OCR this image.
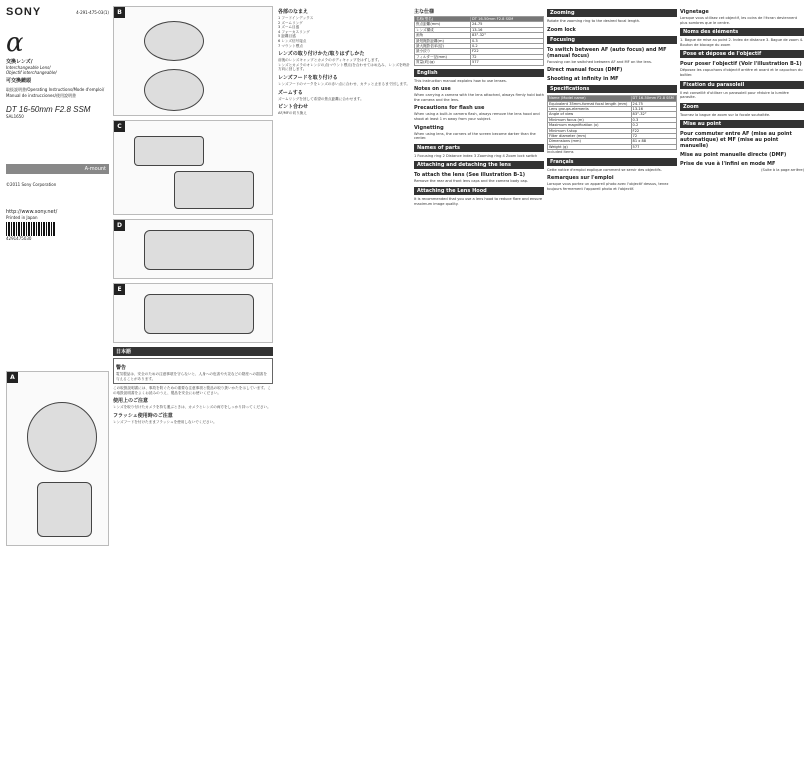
SONY	4-291-475-03(1)
α
交換レンズ/
Interchangeable Lens/
Objectif interchangeable/
可交換鏡頭
取扱説明書/Operating Instructions/Mode d'emploi/
Manual de instrucciones/使用說明書
DT 16-50mm F2.8 SSM
SAL1650
A-mount
©2011 Sony Corporation
http://www.sony.net/
Printed in Japan
4291475030
A
B
C
D
E
日本語
警告
電気製品は、安全のための注意事項を守らないと、人身への危害や火災などの財産への損害を与えることがあります。
この取扱説明書には、事故を防ぐための重要な注意事項と製品の取り扱いかたを示しています。この取扱説明書をよくお読みのうえ、製品を安全にお使いください。
使用上のご注意
レンズを取り付けたカメラを持ち運ぶときは、カメラとレンズの両方をしっかり持ってください。
フラッシュ使用時のご注意
レンズフードを付けたままフラッシュを使用しないでください。
各部のなまえ
1 フードインデックス
2 ズームリング
3 ズーム目盛
4 フォーカスリング
5 距離目盛
6 レンズ信号接点
7 マウント標点
レンズの取り付けかた/取りはずしかた
前後のレンズキャップとカメラのボディキャップをはずします。
レンズとカメラのオレンジの点(マウント標点)を合わせてはめ込み、レンズを時計方向に回します。
レンズフードを取り付ける
レンズフードのマークをレンズの赤い点に合わせ、カチッと止まるまで回します。
ズームする
ズームリングを回して希望の焦点距離に合わせます。
ピント合わせ
AF/MFの切り換え
主な仕様
名称(型名)	DT 16-50mm F2.8 SSM
焦点距離(mm)	24-75
レンズ構成	13-16
画角	83°-32°
最短撮影距離(m)	0.3
最大撮影倍率(倍)	0.2
最小絞り	F22
フィルター径(mm)	72
質量(約)(g)	577
English
This instruction manual explains how to use lenses.
Notes on use
When carrying a camera with the lens attached, always firmly hold both the camera and the lens.
Precautions for flash use
When using a built-in camera flash, always remove the lens hood and shoot at least 1 m away from your subject.
Vignetting
When using lens, the corners of the screen become darker than the center.
Names of parts
1 Focusing ring 2 Distance index 3 Zooming ring 4 Zoom lock switch
Attaching and detaching the lens
To attach the lens (See illustration B-1)
Remove the rear and front lens caps and the camera body cap.
Attaching the Lens Hood
It is recommended that you use a lens hood to reduce flare and ensure maximum image quality.
Zooming
Rotate the zooming ring to the desired focal length.
Zoom lock
Focusing
To switch between AF (auto focus) and MF (manual focus)
Focusing can be switched between AF and MF on the lens.
Direct manual focus (DMF)
Shooting at infinity in MF
Specifications
Name (Model name)	DT 16-50mm F2.8 SSM
Equivalent 35mm-format focal length (mm)	24-75
Lens groups-elements	13-16
Angle of view	83°-32°
Minimum focus (m)	0.3
Maximum magnification (x)	0.2
Minimum f-stop	F22
Filter diameter (mm)	72
Dimensions (mm)	81 x 88
Weight (g)	577
Included items
Français
Cette notice d'emploi explique comment se servir des objectifs.
Remarques sur l'emploi
Lorsque vous portez un appareil photo avec l'objectif dessus, tenez toujours fermement l'appareil photo et l'objectif.
Vignetage
Lorsque vous utilisez cet objectif, les coins de l'écran deviennent plus sombres que le centre.
Noms des éléments
1. Bague de mise au point 2. Index de distance 3. Bague de zoom 4. Bouton de blocage du zoom
Pose et dépose de l'objectif
Pour poser l'objectif (Voir l'illustration B-1)
Déposez les capuchons d'objectif arrière et avant et le capuchon du boîtier.
Fixation du parasoleil
Il est conseillé d'utiliser un parasoleil pour réduire la lumière parasite.
Zoom
Tournez la bague de zoom sur la focale souhaitée.
Mise au point
Pour commuter entre AF (mise au point automatique) et MF (mise au point manuelle)
Mise au point manuelle directe (DMF)
Prise de vue à l'infini en mode MF
(Suite à la page arrière)
